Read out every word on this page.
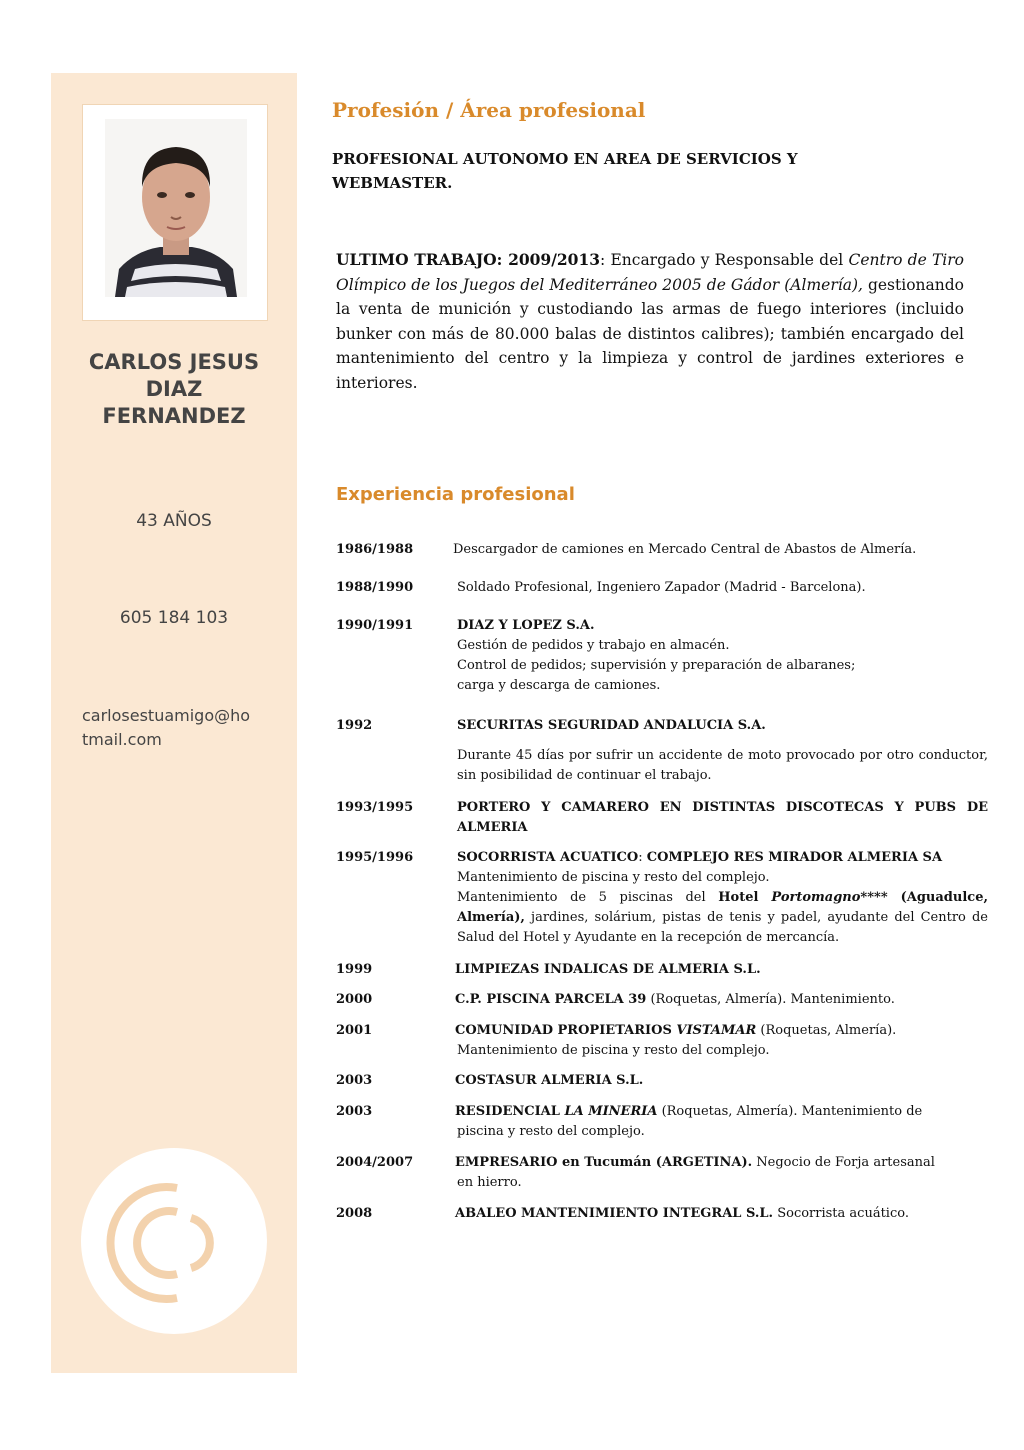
CARLOS JESUS
DIAZ
FERNANDEZ
43 AÑOS
605 184 103
carlosestuamigo@ho
tmail.com
Profesión / Área profesional
PROFESIONAL AUTONOMO EN AREA DE SERVICIOS Y
WEBMASTER.
ULTIMO TRABAJO: 2009/2013: Encargado y Responsable del Centro de Tiro Olímpico de los Juegos del Mediterráneo 2005 de Gádor (Almería), gestionando la venta de munición y custodiando las armas de fuego interiores (incluido bunker con más de 80.000 balas de distintos calibres); también encargado del mantenimiento del centro y la limpieza y control de jardines exteriores e interiores.
Experiencia profesional
1986/1988	Descargador de camiones en Mercado Central de Abastos de Almería.
1988/1990	Soldado Profesional, Ingeniero Zapador (Madrid - Barcelona).
1990/1991	DIAZ Y LOPEZ S.A.
Gestión de pedidos y trabajo en almacén.
Control de pedidos; supervisión y preparación de albaranes;
carga y descarga de camiones.
1992	SECURITAS SEGURIDAD ANDALUCIA S.A.
Durante 45 días por sufrir un accidente de moto provocado por otro conductor, sin posibilidad de continuar el trabajo.
1993/1995	PORTERO Y CAMARERO EN DISTINTAS DISCOTECAS Y PUBS DE ALMERIA
1995/1996	SOCORRISTA ACUATICO: COMPLEJO RES MIRADOR ALMERIA SA
Mantenimiento de piscina y resto del complejo.
Mantenimiento de 5 piscinas del Hotel Portomagno**** (Aguadulce, Almería), jardines, solárium, pistas de tenis y padel, ayudante del Centro de Salud del Hotel y Ayudante en la recepción de mercancía.
1999	LIMPIEZAS INDALICAS DE ALMERIA S.L.
2000	C.P. PISCINA PARCELA 39 (Roquetas, Almería). Mantenimiento.
2001	COMUNIDAD PROPIETARIOS VISTAMAR (Roquetas, Almería).
Mantenimiento de piscina y resto del complejo.
2003	COSTASUR ALMERIA S.L.
2003	RESIDENCIAL LA MINERIA (Roquetas, Almería). Mantenimiento de
piscina y resto del complejo.
2004/2007	EMPRESARIO en Tucumán (ARGETINA). Negocio de Forja artesanal
en hierro.
2008	ABALEO MANTENIMIENTO INTEGRAL S.L. Socorrista acuático.
